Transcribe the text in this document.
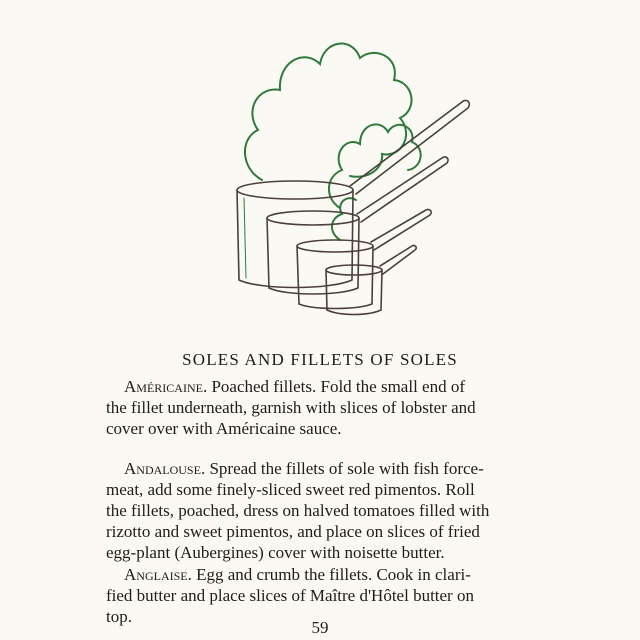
SOLES AND FILLETS OF SOLES

Américaine. Poached fillets. Fold the small end of
the fillet underneath, garnish with slices of lobster and
cover over with Américaine sauce.

Andalouse. Spread the fillets of sole with fish force-
meat, add some finely-sliced sweet red pimentos. Roll
the fillets, poached, dress on halved tomatoes filled with
rizotto and sweet pimentos, and place on slices of fried
egg-plant (Aubergines) cover with noisette butter.

Anglaise. Egg and crumb the fillets. Cook in clari-
fied butter and place slices of Maître d'Hôtel butter on
top.

59
